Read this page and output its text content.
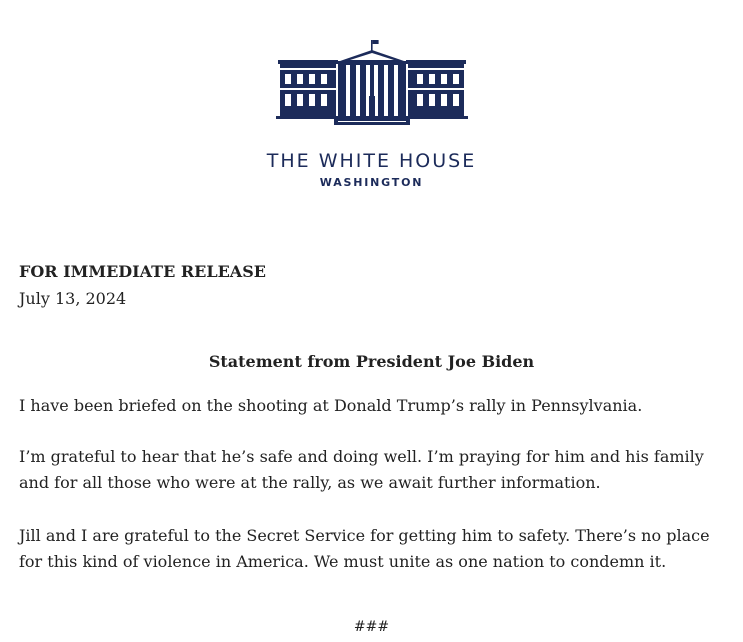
THE WHITE HOUSE
WASHINGTON
FOR IMMEDIATE RELEASE
July 13, 2024
Statement from President Joe Biden

I have been briefed on the shooting at Donald Trump’s rally in Pennsylvania.

I’m grateful to hear that he’s safe and doing well. I’m praying for him and his family and for all those who were at the rally, as we await further information.

Jill and I are grateful to the Secret Service for getting him to safety. There’s no place for this kind of violence in America. We must unite as one nation to condemn it.

###
